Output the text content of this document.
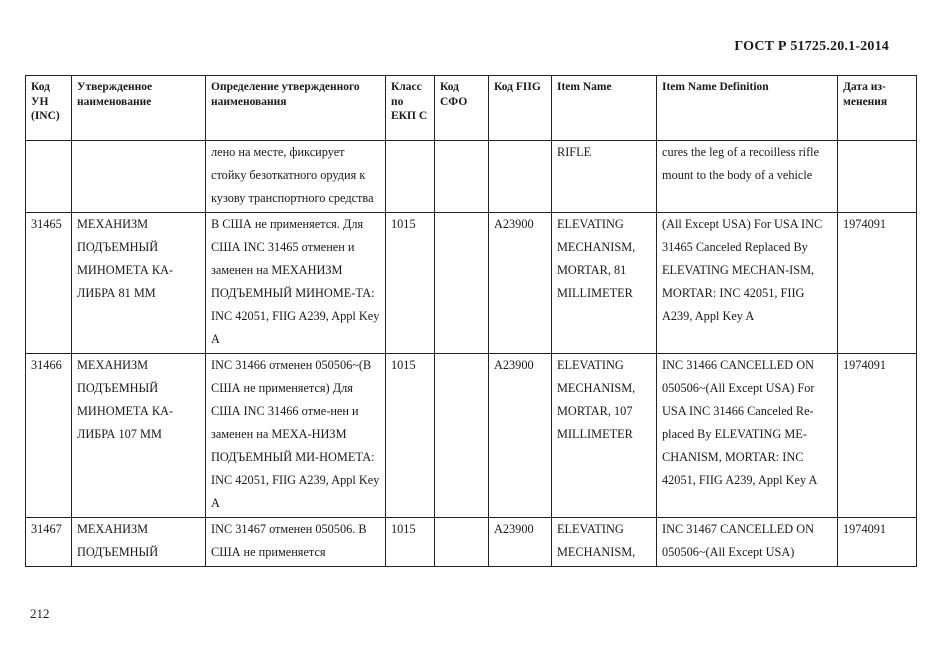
ГОСТ Р 51725.20.1-2014
Код УН (INC)	Утвержденное наименование	Определение утвержденного наименования	Класс по ЕКП С	Код СФО	Код FIIG	Item Name	Item Name Definition	Дата из-менения
		лено на месте, фиксирует стойку безоткатного орудия к кузову транспортного средства				RIFLE	cures the leg of a recoilless rifle mount to the body of a vehicle	
31465	МЕХАНИЗМ ПОДЪЕМНЫЙ МИНОМЕТА КА-ЛИБРА 81 ММ	В США не применяется. Для США INC 31465 отменен и заменен на МЕХАНИЗМ ПОДЪЕМНЫЙ МИНОМЕ-ТА: INC 42051, FIIG A239, Appl Key A	1015		A23900	ELEVATING MECHANISM, MORTAR, 81 MILLIMETER	(All Except USA) For USA INC 31465 Canceled Replaced By ELEVATING MECHAN-ISM, MORTAR: INC 42051, FIIG A239, Appl Key A	1974091
31466	МЕХАНИЗМ ПОДЪЕМНЫЙ МИНОМЕТА КА-ЛИБРА 107 ММ	INC 31466 отменен 050506~(В США не применяется) Для США INC 31466 отме-нен и заменен на МЕХА-НИЗМ ПОДЪЕМНЫЙ МИ-НОМЕТА: INC 42051, FIIG A239, Appl Key A	1015		A23900	ELEVATING MECHANISM, MORTAR, 107 MILLIMETER	INC 31466 CANCELLED ON 050506~(All Except USA) For USA INC 31466 Canceled Re-placed By ELEVATING ME-CHANISM, MORTAR: INC 42051, FIIG A239, Appl Key A	1974091
31467	МЕХАНИЗМ ПОДЪЕМНЫЙ	INC 31467 отменен 050506. В США не применяется	1015		A23900	ELEVATING MECHANISM,	INC 31467 CANCELLED ON 050506~(All Except USA)	1974091
212
